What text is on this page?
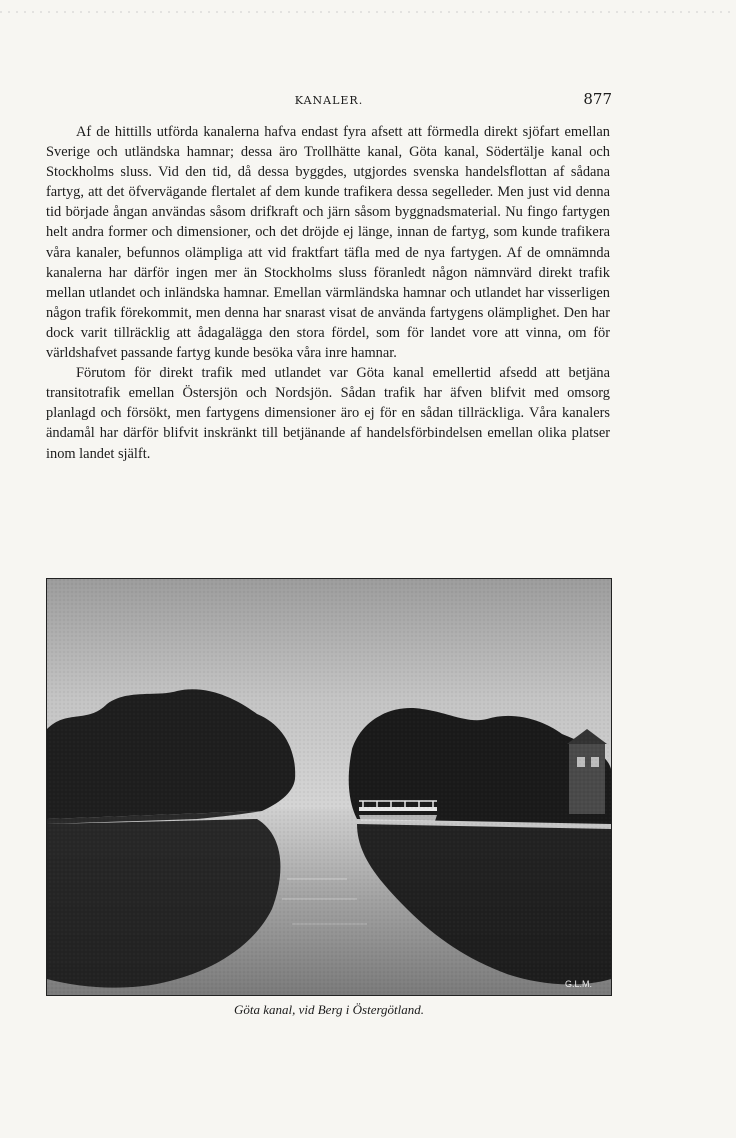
KANALER.	877

Af de hittills utförda kanalerna hafva endast fyra afsett att förmedla direkt sjöfart emellan Sverige och utländska hamnar; dessa äro Trollhätte kanal, Göta kanal, Södertälje kanal och Stockholms sluss. Vid den tid, då dessa byggdes, utgjordes svenska handelsflottan af sådana fartyg, att det öfvervägande flertalet af dem kunde trafikera dessa segelleder. Men just vid denna tid började ångan användas såsom drifkraft och järn såsom byggnadsmaterial. Nu fingo fartygen helt andra former och dimensioner, och det dröjde ej länge, innan de fartyg, som kunde trafikera våra kanaler, befunnos olämpliga att vid fraktfart täfla med de nya fartygen. Af de omnämnda kanalerna har därför ingen mer än Stockholms sluss föranledt någon nämnvärd direkt trafik mellan utlandet och inländska hamnar. Emellan värmländska hamnar och utlandet har visserligen någon trafik förekommit, men denna har snarast visat de använda fartygens olämplighet. Den har dock varit tillräcklig att ådagalägga den stora fördel, som för landet vore att vinna, om för världshafvet passande fartyg kunde besöka våra inre hamnar.

Förutom för direkt trafik med utlandet var Göta kanal emellertid afsedd att betjäna transitotrafik emellan Östersjön och Nordsjön. Sådan trafik har äfven blifvit med omsorg planlagd och försökt, men fartygens dimensioner äro ej för en sådan tillräckliga. Våra kanalers ändamål har därför blifvit inskränkt till betjänande af handelsförbindelsen emellan olika platser inom landet själft.

G.L.M.
Göta kanal, vid Berg i Östergötland.
